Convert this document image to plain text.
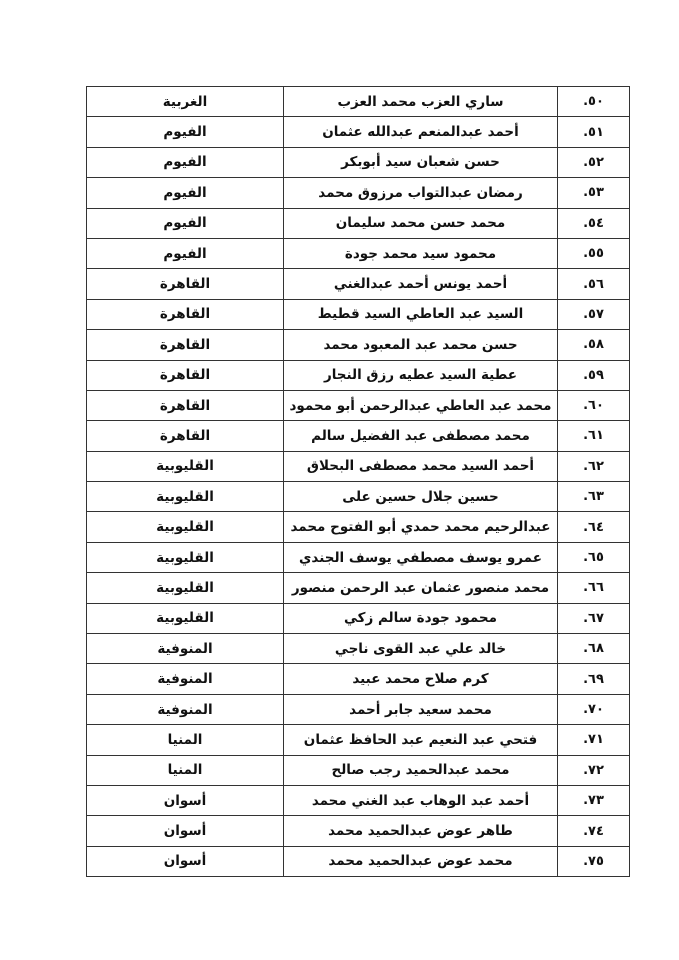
.٥٠	ساري العزب محمد العزب	الغربية
.٥١	أحمد عبدالمنعم عبدالله عثمان	الفيوم
.٥٢	حسن شعبان سيد أبوبكر	الفيوم
.٥٣	رمضان عبدالتواب مرزوق محمد	الفيوم
.٥٤	محمد حسن محمد سليمان	الفيوم
.٥٥	محمود سيد محمد جودة	الفيوم
.٥٦	أحمد يونس أحمد عبدالغني	القاهرة
.٥٧	السيد عبد العاطي السيد قطيط	القاهرة
.٥٨	حسن محمد عبد المعبود محمد	القاهرة
.٥٩	عطية السيد عطيه رزق النجار	القاهرة
.٦٠	محمد عبد العاطي عبدالرحمن أبو محمود	القاهرة
.٦١	محمد مصطفى عبد الفضيل سالم	القاهرة
.٦٢	أحمد السيد محمد مصطفى البحلاق	القليوبية
.٦٣	حسين جلال حسين على	القليوبية
.٦٤	عبدالرحيم محمد حمدي أبو الفتوح محمد	القليوبية
.٦٥	عمرو يوسف مصطفي يوسف الجندي	القليوبية
.٦٦	محمد منصور عثمان عبد الرحمن منصور	القليوبية
.٦٧	محمود جودة سالم زكي	القليوبية
.٦٨	خالد علي عبد القوى ناجي	المنوفية
.٦٩	كرم صلاح محمد عبيد	المنوفية
.٧٠	محمد سعيد جابر أحمد	المنوفية
.٧١	فتحي عبد النعيم عبد الحافظ عثمان	المنيا
.٧٢	محمد عبدالحميد رجب صالح	المنيا
.٧٣	أحمد عبد الوهاب عبد الغني محمد	أسوان
.٧٤	طاهر عوض عبدالحميد محمد	أسوان
.٧٥	محمد عوض عبدالحميد محمد	أسوان
